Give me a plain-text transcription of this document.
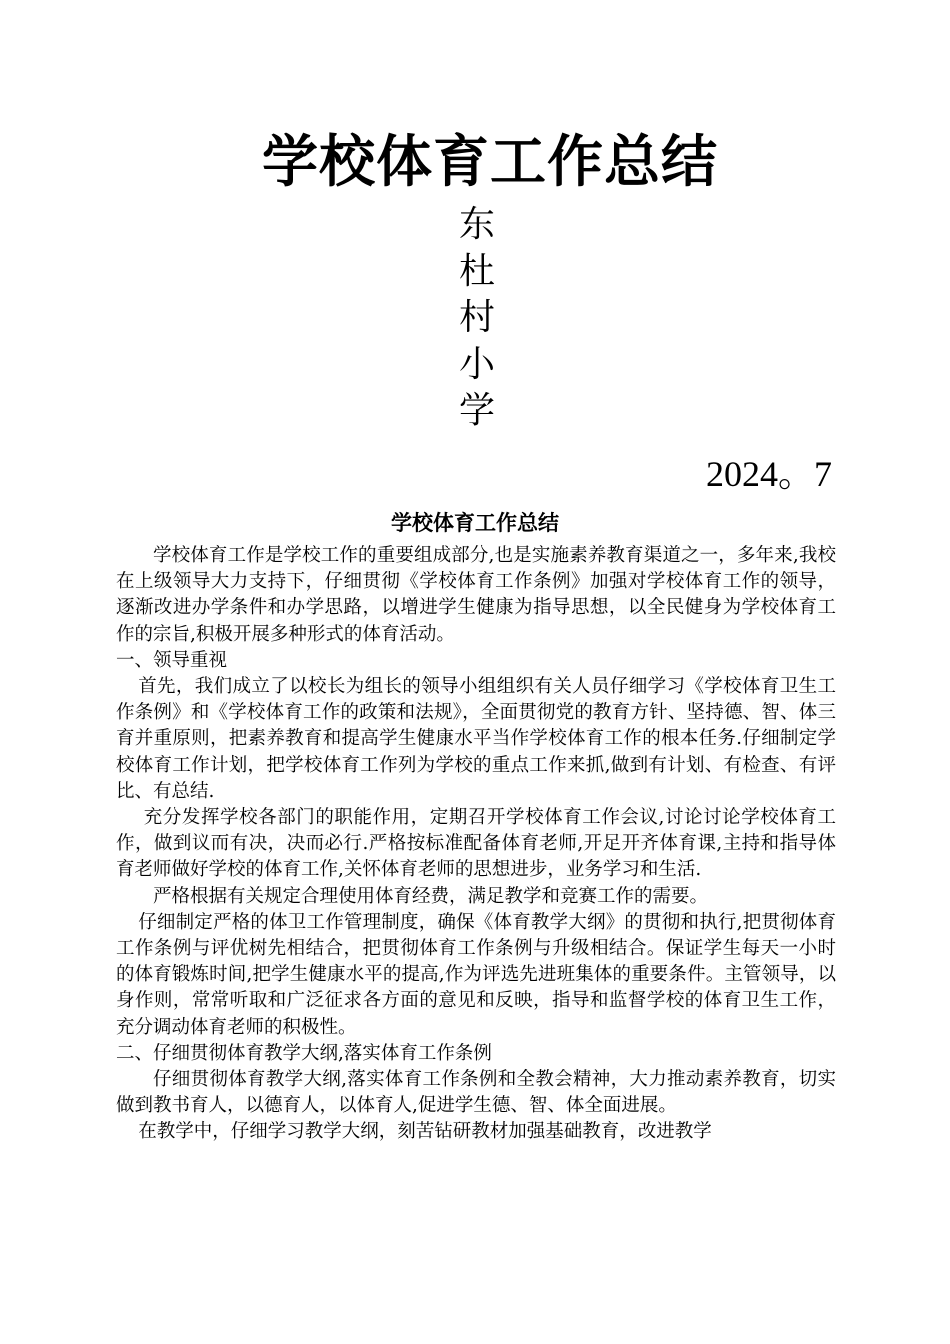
学校体育工作总结
东
杜
村
小
学
2024。7
学校体育工作总结

学校体育工作是学校工作的重要组成部分,也是实施素养教育渠道之一，多年来,我校在上级领导大力支持下，仔细贯彻《学校体育工作条例》加强对学校体育工作的领导，逐渐改进办学条件和办学思路，以增进学生健康为指导思想，以全民健身为学校体育工作的宗旨,积极开展多种形式的体育活动。

一、领导重视

首先，我们成立了以校长为组长的领导小组组织有关人员仔细学习《学校体育卫生工作条例》和《学校体育工作的政策和法规》，全面贯彻党的教育方针、坚持德、智、体三育并重原则，把素养教育和提高学生健康水平当作学校体育工作的根本任务.仔细制定学校体育工作计划，把学校体育工作列为学校的重点工作来抓,做到有计划、有检查、有评比、有总结.

充分发挥学校各部门的职能作用，定期召开学校体育工作会议,讨论讨论学校体育工作，做到议而有决，决而必行.严格按标准配备体育老师,开足开齐体育课,主持和指导体育老师做好学校的体育工作,关怀体育老师的思想进步，业务学习和生活.

严格根据有关规定合理使用体育经费，满足教学和竞赛工作的需要。

仔细制定严格的体卫工作管理制度，确保《体育教学大纲》的贯彻和执行,把贯彻体育工作条例与评优树先相结合，把贯彻体育工作条例与升级相结合。保证学生每天一小时的体育锻炼时间,把学生健康水平的提高,作为评选先进班集体的重要条件。主管领导，以身作则，常常听取和广泛征求各方面的意见和反映，指导和监督学校的体育卫生工作，充分调动体育老师的积极性。

二、仔细贯彻体育教学大纲,落实体育工作条例

仔细贯彻体育教学大纲,落实体育工作条例和全教会精神，大力推动素养教育，切实做到教书育人，以德育人，以体育人,促进学生德、智、体全面进展。

在教学中，仔细学习教学大纲，刻苦钻研教材加强基础教育，改进教学
